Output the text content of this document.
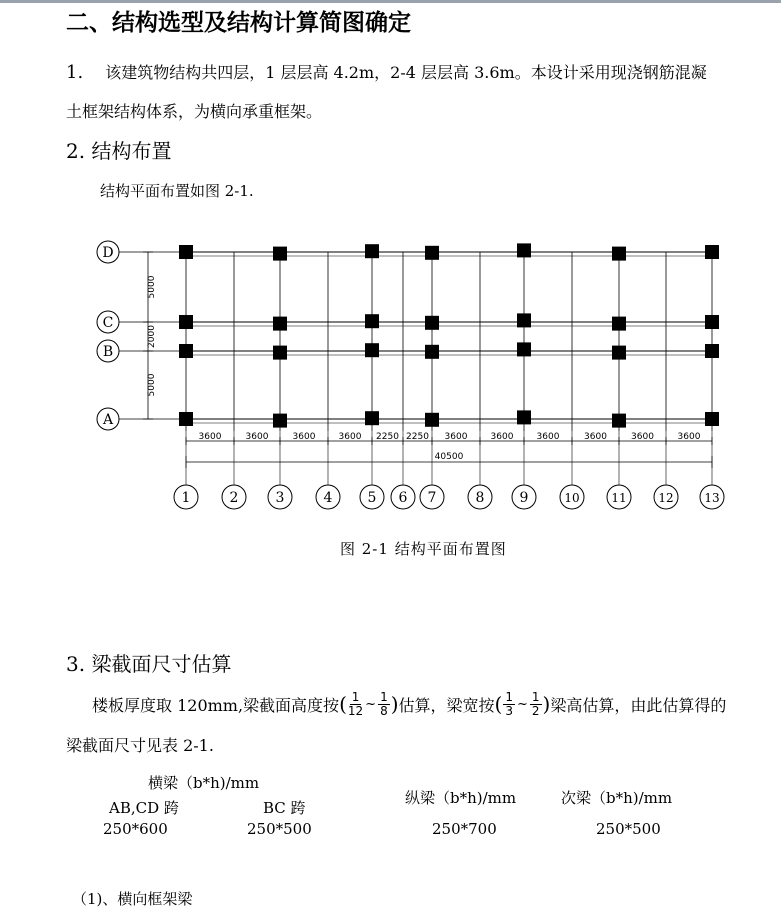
二、结构选型及结构计算简图确定
1. 该建筑物结构共四层，1 层层高 4.2m，2-4 层层高 3.6m。本设计采用现浇钢筋混凝
土框架结构体系，为横向承重框架。
2. 结构布置
结构平面布置如图 2-1.
D
C
B
A
5000
2000
5000
3600	3600	3600	3600 2250 2250 3600	3600	3600	3600	3600	3600
40500
1	2	3	4	5 6 7	8	9	10	11	12	13
图 2-1 结构平面布置图
3. 梁截面尺寸估算
楼板厚度取 120mm,梁截面高度按 ( $\frac{1}{12}$ ~ $\frac{1}{8}$ ) 估算，梁宽按 ( $\frac{1}{3}$ ~ $\frac{1}{2}$ ) 梁高估算，由此估算得的
梁截面尺寸见表 2-1.
横梁（b*h)/mm
AB,CD 跨	BC 跨
纵梁（b*h)/mm	次梁（b*h)/mm
250*600	250*500	250*700	250*500
（1)、横向框架梁
